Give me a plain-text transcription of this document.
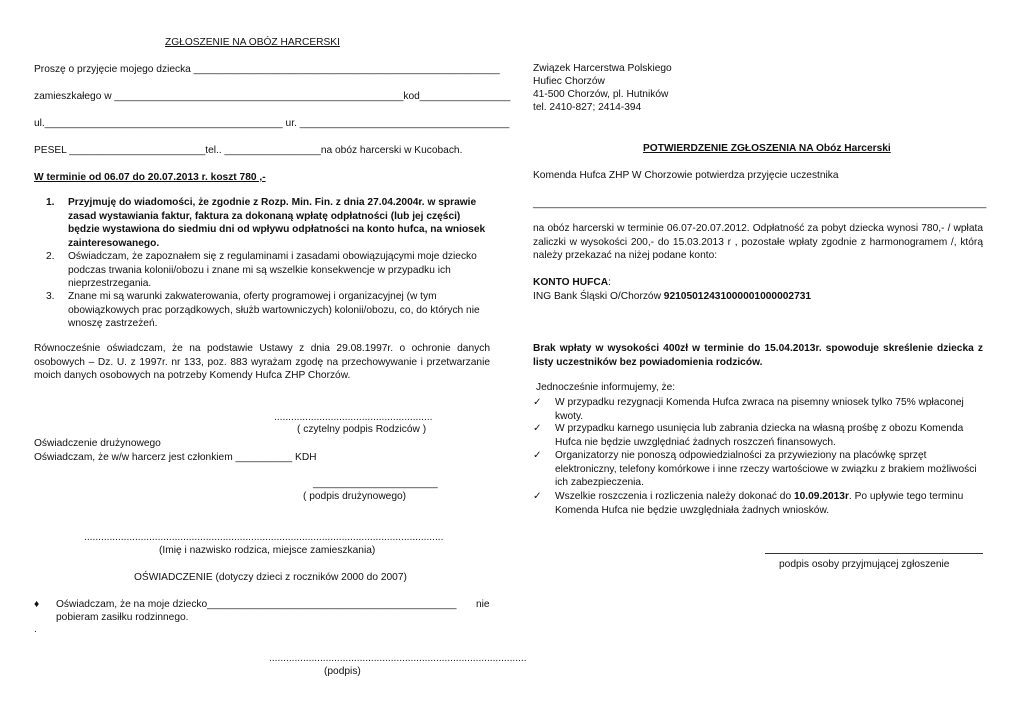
ZGŁOSZENIE NA OBÓZ HARCERSKI
Proszę o przyjęcie mojego dziecka ______________________________________________________
zamieszkałego w ___________________________________________________kod________________
ul.__________________________________________ ur. _____________________________________
PESEL ________________________tel.. _________________na obóz harcerski w Kucobach.
W terminie od 06.07 do 20.07.2013 r. koszt 780 ,-
1. Przyjmuję do wiadomości, że zgodnie z Rozp. Min. Fin. z dnia 27.04.2004r. w sprawie zasad wystawiania faktur, faktura za dokonaną wpłatę odpłatności (lub jej części) będzie wystawiona do siedmiu dni od wpływu odpłatności na konto hufca, na wniosek zainteresowanego.
2. Oświadczam, że zapoznałem się z regulaminami i zasadami obowiązującymi moje dziecko podczas trwania kolonii/obozu i znane mi są wszelkie konsekwencje w przypadku ich nieprzestrzegania.
3. Znane mi są warunki zakwaterowania, oferty programowej i organizacyjnej (w tym obowiązkowych prac porządkowych, służb wartowniczych) kolonii/obozu, co, do których nie wnoszę zastrzeżeń.
Równocześnie oświadczam, że na podstawie Ustawy z dnia 29.08.1997r. o ochronie danych osobowych – Dz. U. z 1997r. nr 133, poz. 883 wyrażam zgodę na przechowywanie i przetwarzanie moich danych osobowych na potrzeby Komendy Hufca ZHP Chorzów.
........................................................
( czytelny podpis Rodziców )
Oświadczenie drużynowego
Oświadczam, że w/w harcerz jest członkiem __________ KDH
______________________
( podpis drużynowego)
...............................................................................................................................
(Imię i nazwisko rodzica, miejsce zamieszkania)
OŚWIADCZENIE (dotyczy dzieci z roczników 2000 do 2007)
♦ Oświadczam, że na moje dziecko____________________________________________ nie
pobieram zasiłku rodzinnego.
.
...........................................................................................
(podpis)
Związek Harcerstwa Polskiego
Hufiec Chorzów
41-500 Chorzów, pl. Hutników
tel. 2410-827; 2414-394
POTWIERDZENIE ZGŁOSZENIA NA Obóz Harcerski
Komenda Hufca ZHP W Chorzowie potwierdza przyjęcie uczestnika
________________________________________________________________________________
na obóz harcerski w terminie 06.07-20.07.2012. Odpłatność za pobyt dziecka wynosi 780,- / wpłata zaliczki w wysokości 200,- do 15.03.2013 r , pozostałe wpłaty zgodnie z harmonogramem /, którą należy przekazać na niżej podane konto:
KONTO HUFCA:
ING Bank Śląski O/Chorzów 92105012431000001000002731
Brak wpłaty w wysokości 400zł w terminie do 15.04.2013r. spowoduje skreślenie dziecka z listy uczestników bez powiadomienia rodziców.
Jednocześnie informujemy, że:
✓ W przypadku rezygnacji Komenda Hufca zwraca na pisemny wniosek tylko 75% wpłaconej kwoty.
✓ W przypadku karnego usunięcia lub zabrania dziecka na własną prośbę z obozu Komenda Hufca nie będzie uwzględniać żadnych roszczeń finansowych.
✓ Organizatorzy nie ponoszą odpowiedzialności za przywieziony na placówkę sprzęt elektroniczny, telefony komórkowe i inne rzeczy wartościowe w związku z brakiem możliwości ich zabezpieczenia.
✓ Wszelkie roszczenia i rozliczenia należy dokonać do 10.09.2013r. Po upływie tego terminu Komenda Hufca nie będzie uwzględniała żadnych wniosków.
podpis osoby przyjmującej zgłoszenie
